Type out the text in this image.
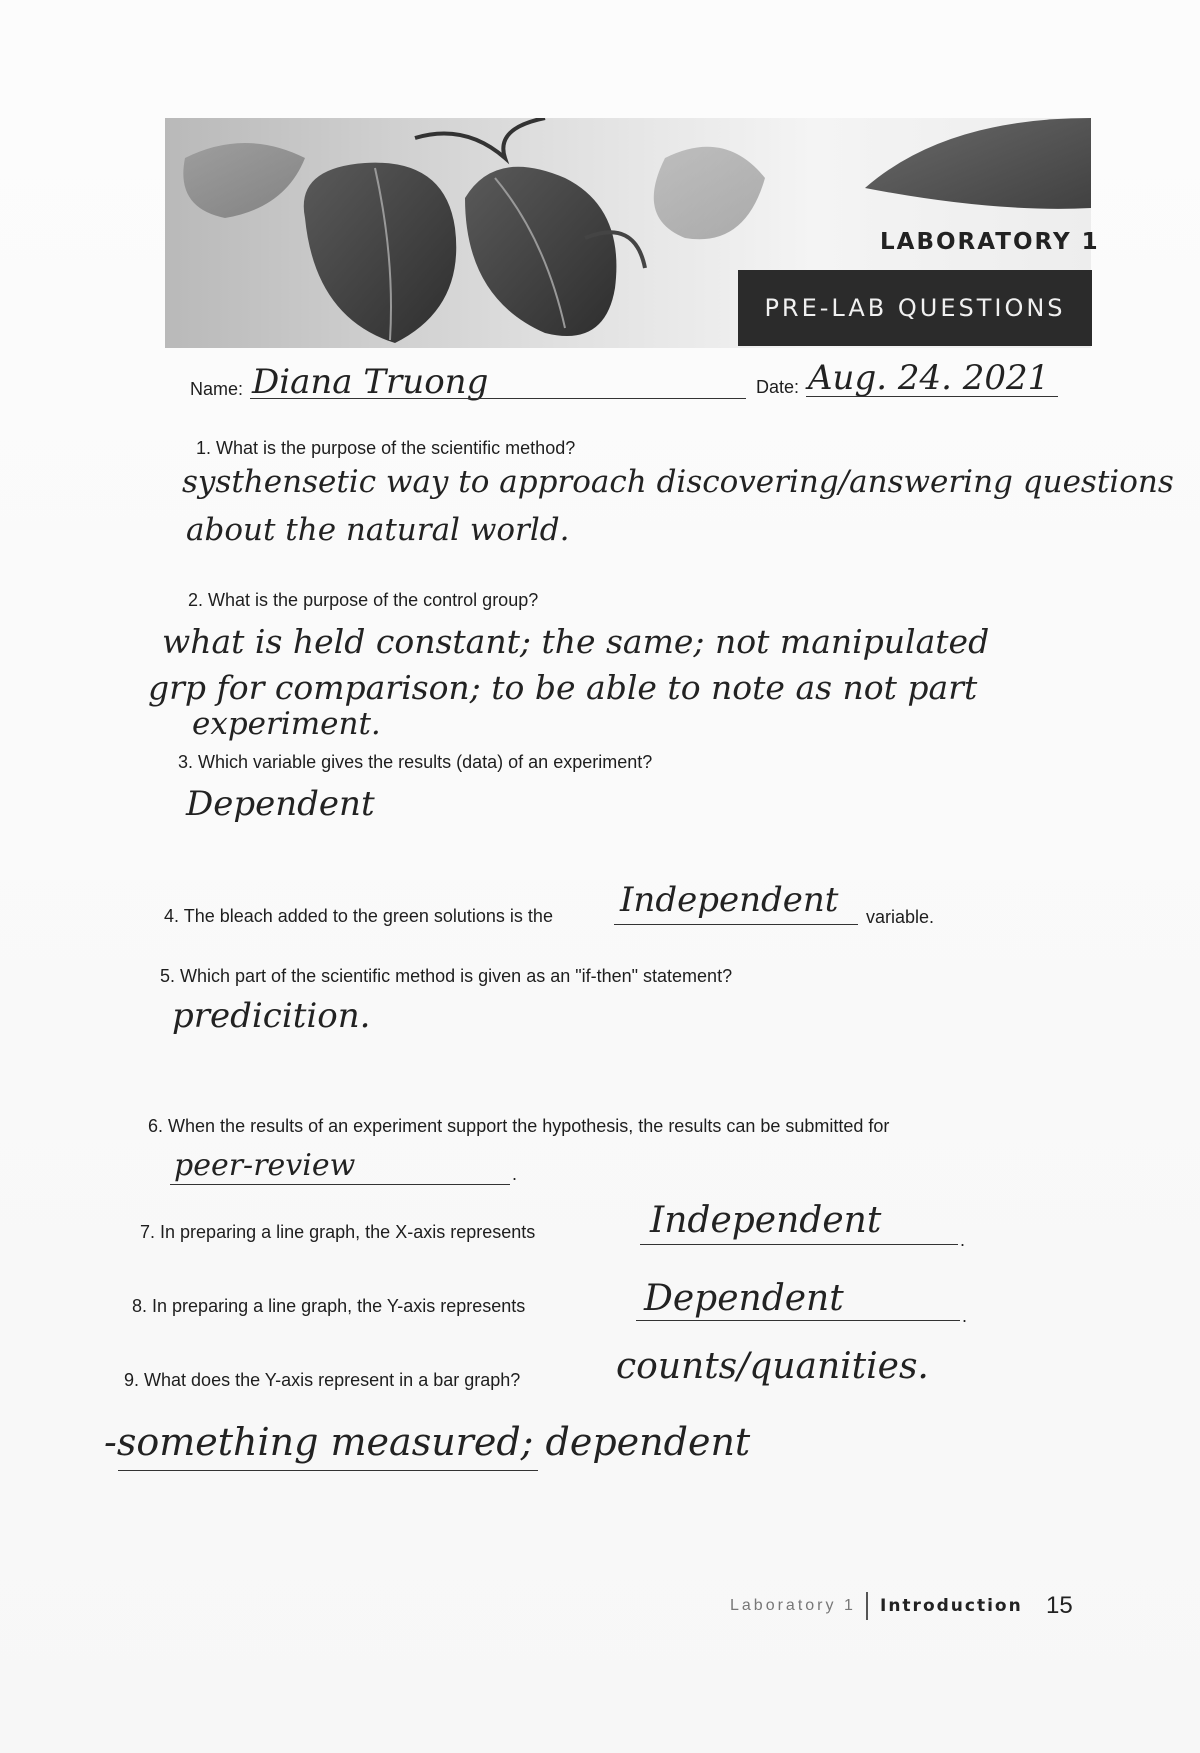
LABORATORY 1
PRE-LAB QUESTIONS
Name: Diana Truong	Date: Aug. 24. 2021
1. What is the purpose of the scientific method?
systhensetic way to approach discovering/answering questions
about the natural world.
2. What is the purpose of the control group?
what is held constant; the same; not manipulated
grp for comparison; to be able to note as not part
experiment.
3. Which variable gives the results (data) of an experiment?
Dependent
4. The bleach added to the green solutions is the Independent variable.
5. Which part of the scientific method is given as an "if-then" statement?
predicition.
6. When the results of an experiment support the hypothesis, the results can be submitted for
peer-review	.
7. In preparing a line graph, the X-axis represents	Independent	.
8. In preparing a line graph, the Y-axis represents	Dependent	.
9. What does the Y-axis represent in a bar graph?	counts/quanities.
-something measured; dependent
Laboratory 1 Introduction 15
